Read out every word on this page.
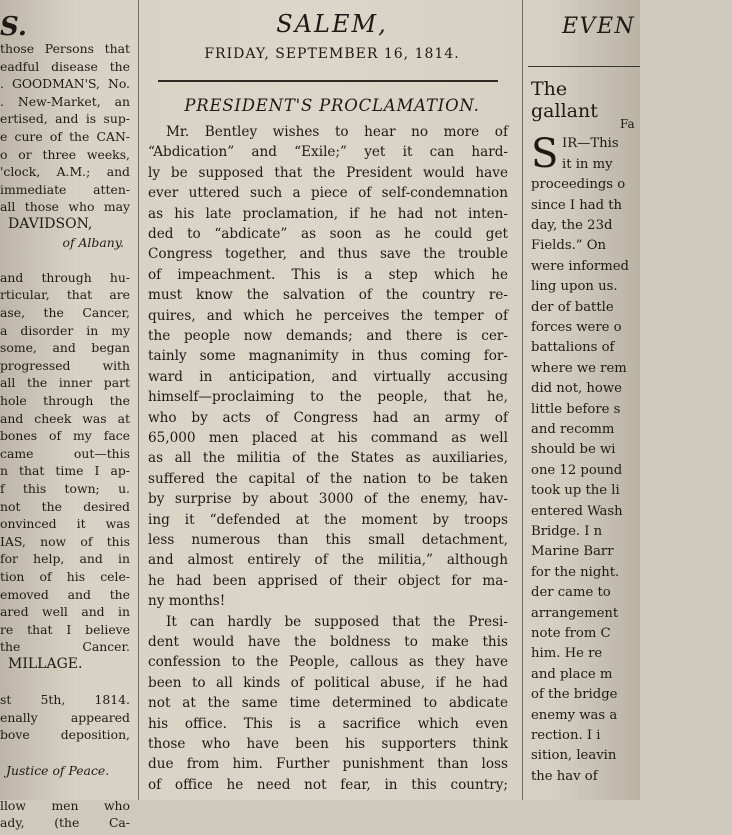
S.
those Persons that
eadful disease the
. GOODMAN'S, No.
. New-Market, an
ertised, and is sup-
e cure of the CAN-
o or three weeks,
'clock, A.M.; and
immediate atten-
all those who may
DAVIDSON,
of Albany.
and through hu-
rticular, that are
ase, the Cancer,
a disorder in my
some, and began
progressed with
all the inner part
hole through the
and cheek was at
bones of my face
came out—this
n that time I ap-
f this town; u.
not the desired
onvinced it was
IAS, now of this
for help, and in
tion of his cele-
emoved and the
ared well and in
re that I believe
the Cancer.
MILLAGE.
st 5th, 1814.
enally appeared
bove deposition,
Justice of Peace.
llow men who
ady, (the Ca-
SALEM,
FRIDAY, SEPTEMBER 16, 1814.
PRESIDENT'S PROCLAMATION.
Mr. Bentley wishes to hear no more of
“Abdication” and “Exile;” yet it can hard-
ly be supposed that the President would have
ever uttered such a piece of self-condemnation
as his late proclamation, if he had not inten-
ded to “abdicate” as soon as he could get
Congress together, and thus save the trouble
of impeachment. This is a step which he
must know the salvation of the country re-
quires, and which he perceives the temper of
the people now demands; and there is cer-
tainly some magnanimity in thus coming for-
ward in anticipation, and virtually accusing
himself—proclaiming to the people, that he,
who by acts of Congress had an army of
65,000 men placed at his command as well
as all the militia of the States as auxiliaries,
suffered the capital of the nation to be taken
by surprise by about 3000 of the enemy, hav-
ing it “defended at the moment by troops
less numerous than this small detachment,
and almost entirely of the militia,” although
he had been apprised of their object for ma-
ny months!
It can hardly be supposed that the Presi-
dent would have the boldness to make this
confession to the People, callous as they have
been to all kinds of political abuse, if he had
not at the same time determined to abdicate
his office. This is a sacrifice which even
those who have been his supporters think
due from him. Further punishment than loss
of office he need not fear, in this country;
EVEN
The gallant
S
Fa
IR—This
it in my
proceedings o
since I had th
day, the 23d
Fields.” On
were informed
ling upon us.
der of battle
forces were o
battalions of
where we rem
did not, howe
little before s
and recomm
should be wi
one 12 pound
took up the li
entered Wash
Bridge. I n
Marine Barr
for the night.
der came to
arrangement
note from C
him. He re
and place m
of the bridge
enemy was a
rection. I i
sition, leavin
the hav of
